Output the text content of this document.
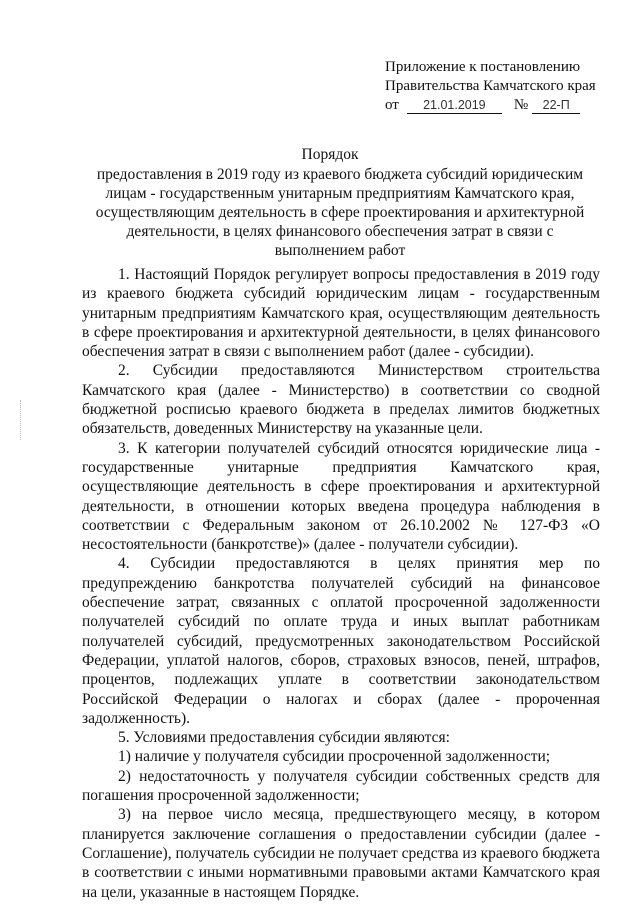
Приложение к постановлению
Правительства Камчатского края
от 21.01.2019 № 22-П
Порядок
предоставления в 2019 году из краевого бюджета субсидий юридическим лицам - государственным унитарным предприятиям Камчатского края, осуществляющим деятельность в сфере проектирования и архитектурной деятельности, в целях финансового обеспечения затрат в связи с выполнением работ

1. Настоящий Порядок регулирует вопросы предоставления в 2019 году из краевого бюджета субсидий юридическим лицам - государственным унитарным предприятиям Камчатского края, осуществляющим деятельность в сфере проектирования и архитектурной деятельности, в целях финансового обеспечения затрат в связи с выполнением работ (далее - субсидии).

2. Субсидии предоставляются Министерством строительства Камчатского края (далее - Министерство) в соответствии со сводной бюджетной росписью краевого бюджета в пределах лимитов бюджетных обязательств, доведенных Министерству на указанные цели.

3. К категории получателей субсидий относятся юридические лица - государственные унитарные предприятия Камчатского края, осуществляющие деятельность в сфере проектирования и архитектурной деятельности, в отношении которых введена процедура наблюдения в соответствии с Федеральным законом от 26.10.2002 № 127-ФЗ «О несостоятельности (банкротстве)» (далее - получатели субсидии).

4. Субсидии предоставляются в целях принятия мер по предупреждению банкротства получателей субсидий на финансовое обеспечение затрат, связанных с оплатой просроченной задолженности получателей субсидий по оплате труда и иных выплат работникам получателей субсидий, предусмотренных законодательством Российской Федерации, уплатой налогов, сборов, страховых взносов, пеней, штрафов, процентов, подлежащих уплате в соответствии законодательством Российской Федерации о налогах и сборах (далее - пророченная задолженность).

5. Условиями предоставления субсидии являются:

1) наличие у получателя субсидии просроченной задолженности;

2) недостаточность у получателя субсидии собственных средств для погашения просроченной задолженности;

3) на первое число месяца, предшествующего месяцу, в котором планируется заключение соглашения о предоставлении субсидии (далее - Соглашение), получатель субсидии не получает средства из краевого бюджета в соответствии с иными нормативными правовыми актами Камчатского края на цели, указанные в настоящем Порядке.
